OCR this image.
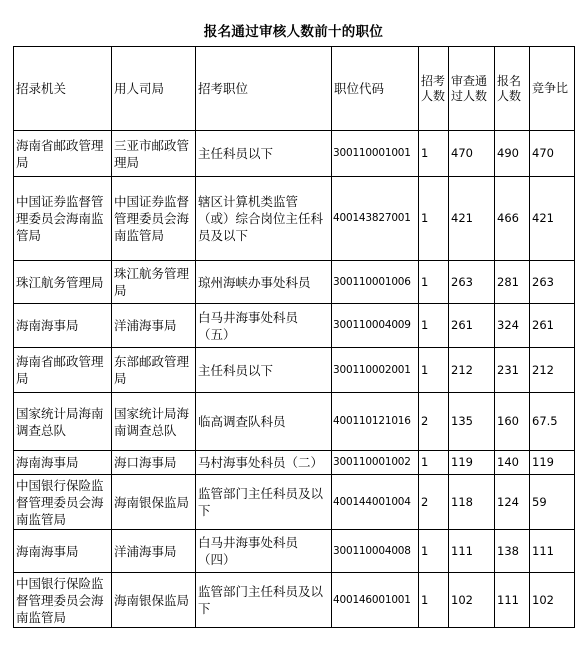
报名通过审核人数前十的职位
招录机关	用人司局	招考职位	职位代码	招考人数	审查通过人数	报名人数	竞争比
海南省邮政管理局	三亚市邮政管理局	主任科员以下	300110001001	1	470	490	470
中国证券监督管理委员会海南监管局	中国证券监督管理委员会海南监管局	辖区计算机类监管（或）综合岗位主任科员及以下	400143827001	1	421	466	421
珠江航务管理局	珠江航务管理局	琼州海峡办事处科员	300110001006	1	263	281	263
海南海事局	洋浦海事局	白马井海事处科员（五）	300110004009	1	261	324	261
海南省邮政管理局	东部邮政管理局	主任科员以下	300110002001	1	212	231	212
国家统计局海南调查总队	国家统计局海南调查总队	临高调查队科员	400110121016	2	135	160	67.5
海南海事局	海口海事局	马村海事处科员（二）	300110001002	1	119	140	119
中国银行保险监督管理委员会海南监管局	海南银保监局	监管部门主任科员及以下	400144001004	2	118	124	59
海南海事局	洋浦海事局	白马井海事处科员（四）	300110004008	1	111	138	111
中国银行保险监督管理委员会海南监管局	海南银保监局	监管部门主任科员及以下	400146001001	1	102	111	102
